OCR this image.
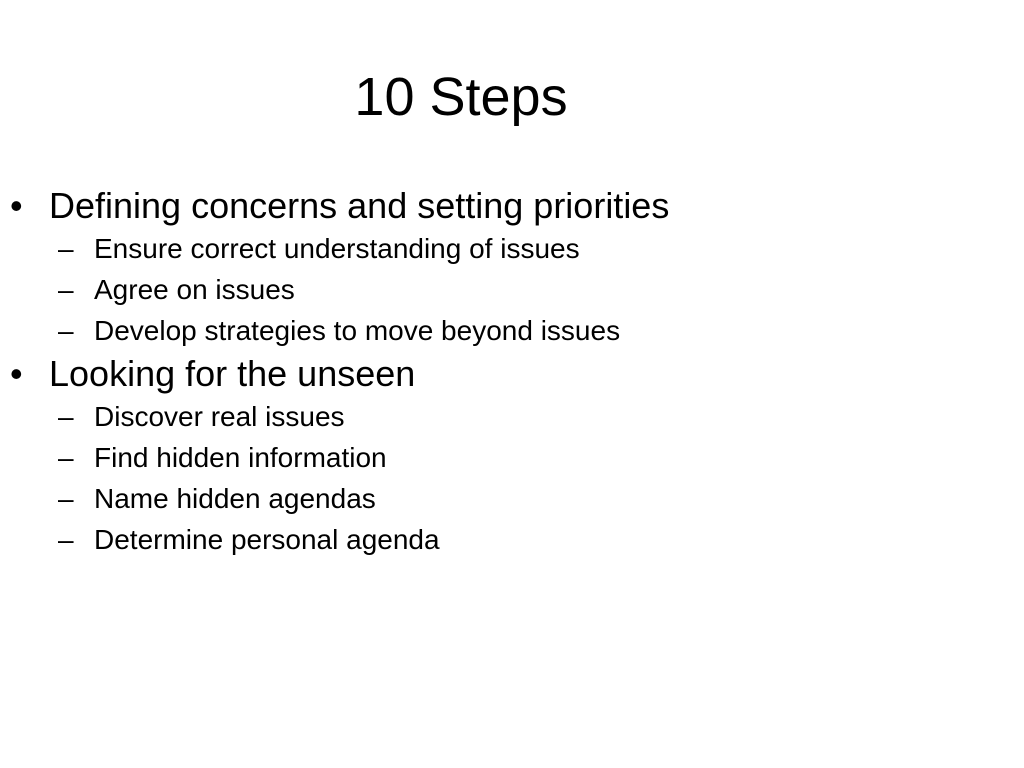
10 Steps
• Defining concerns and setting priorities
– Ensure correct understanding of issues
– Agree on issues
– Develop strategies to move beyond issues
• Looking for the unseen
– Discover real issues
– Find hidden information
– Name hidden agendas
– Determine personal agenda
